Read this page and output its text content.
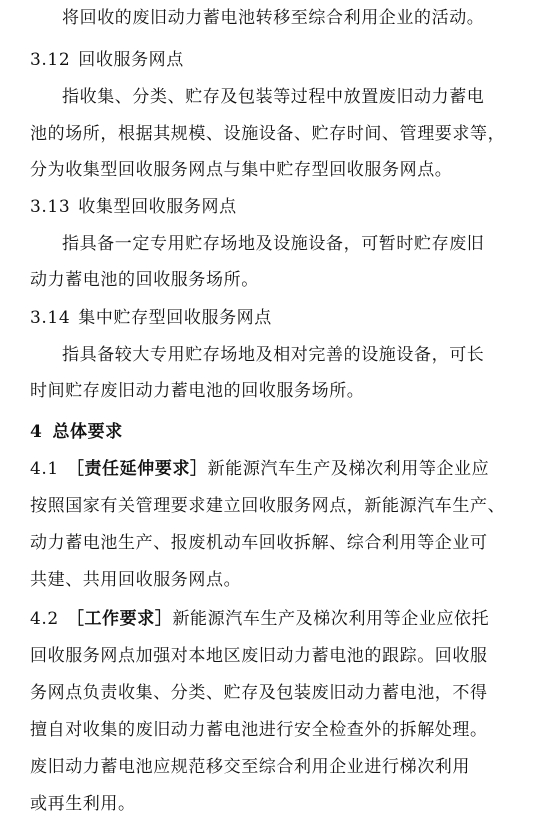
将回收的废旧动力蓄电池转移至综合利用企业的活动。
3.12 回收服务网点
指收集、分类、贮存及包装等过程中放置废旧动力蓄电
池的场所，根据其规模、设施设备、贮存时间、管理要求等，
分为收集型回收服务网点与集中贮存型回收服务网点。
3.13 收集型回收服务网点
指具备一定专用贮存场地及设施设备，可暂时贮存废旧
动力蓄电池的回收服务场所。
3.14 集中贮存型回收服务网点
指具备较大专用贮存场地及相对完善的设施设备，可长
时间贮存废旧动力蓄电池的回收服务场所。
4 总体要求
4.1 ［责任延伸要求］新能源汽车生产及梯次利用等企业应
按照国家有关管理要求建立回收服务网点，新能源汽车生产、
动力蓄电池生产、报废机动车回收拆解、综合利用等企业可
共建、共用回收服务网点。
4.2 ［工作要求］新能源汽车生产及梯次利用等企业应依托
回收服务网点加强对本地区废旧动力蓄电池的跟踪。回收服
务网点负责收集、分类、贮存及包装废旧动力蓄电池，不得
擅自对收集的废旧动力蓄电池进行安全检查外的拆解处理。
废旧动力蓄电池应规范移交至综合利用企业进行梯次利用
或再生利用。
